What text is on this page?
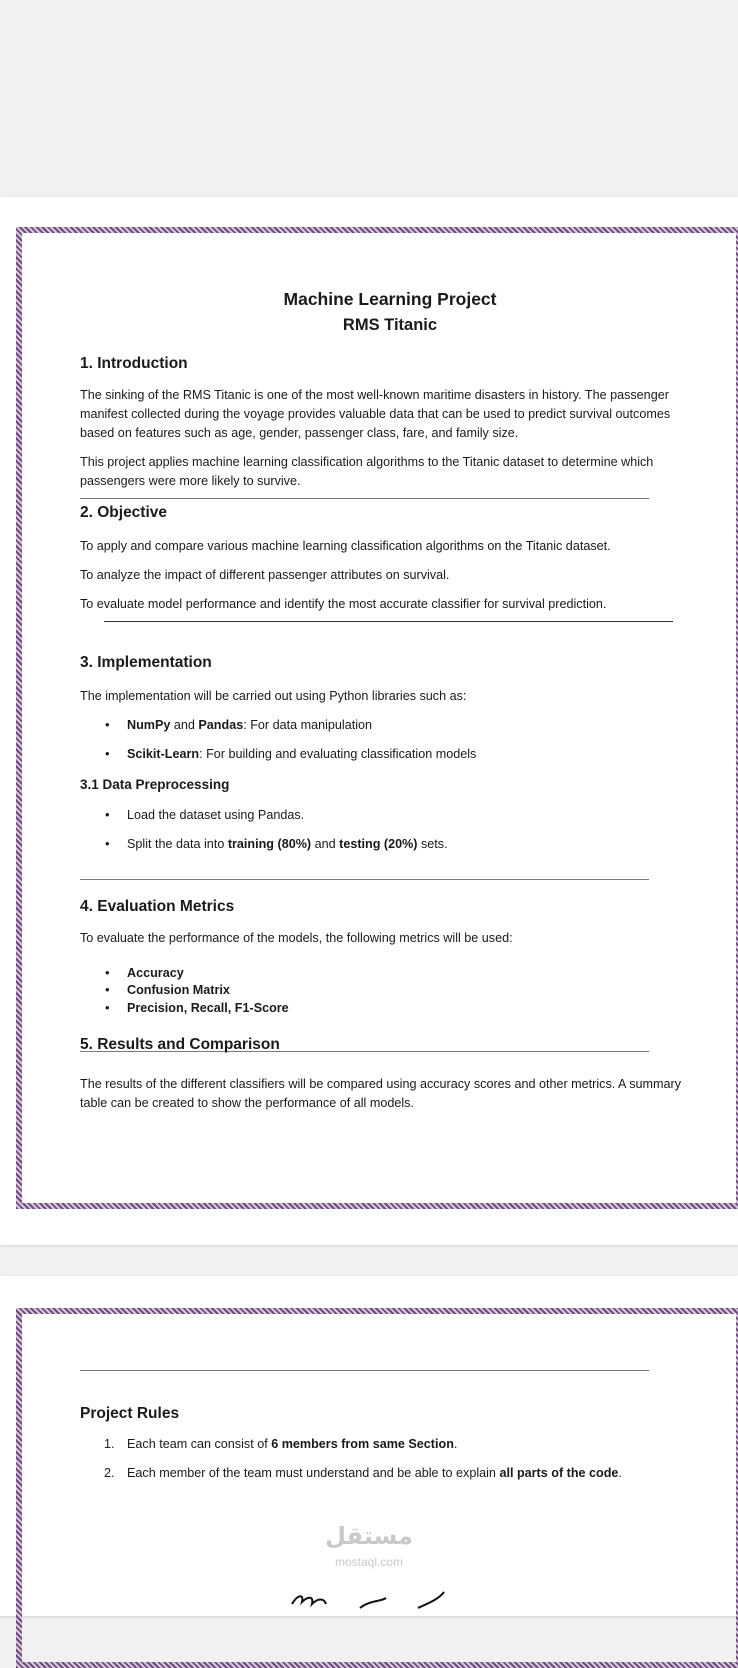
Machine Learning Project

RMS Titanic

1. Introduction

The sinking of the RMS Titanic is one of the most well-known maritime disasters in history. The passenger manifest collected during the voyage provides valuable data that can be used to predict survival outcomes based on features such as age, gender, passenger class, fare, and family size.

This project applies machine learning classification algorithms to the Titanic dataset to determine which passengers were more likely to survive.

2. Objective

To apply and compare various machine learning classification algorithms on the Titanic dataset.

To analyze the impact of different passenger attributes on survival.

To evaluate model performance and identify the most accurate classifier for survival prediction.

3. Implementation

The implementation will be carried out using Python libraries such as:

• NumPy and Pandas: For data manipulation

• Scikit-Learn: For building and evaluating classification models

3.1 Data Preprocessing

• Load the dataset using Pandas.

• Split the data into training (80%) and testing (20%) sets.

4. Evaluation Metrics

To evaluate the performance of the models, the following metrics will be used:

• Accuracy

• Confusion Matrix

• Precision, Recall, F1-Score

5. Results and Comparison

The results of the different classifiers will be compared using accuracy scores and other metrics. A summary table can be created to show the performance of all models.

Project Rules

1. Each team can consist of 6 members from same Section.

2. Each member of the team must understand and be able to explain all parts of the code.

مستقل
mostaql.com
